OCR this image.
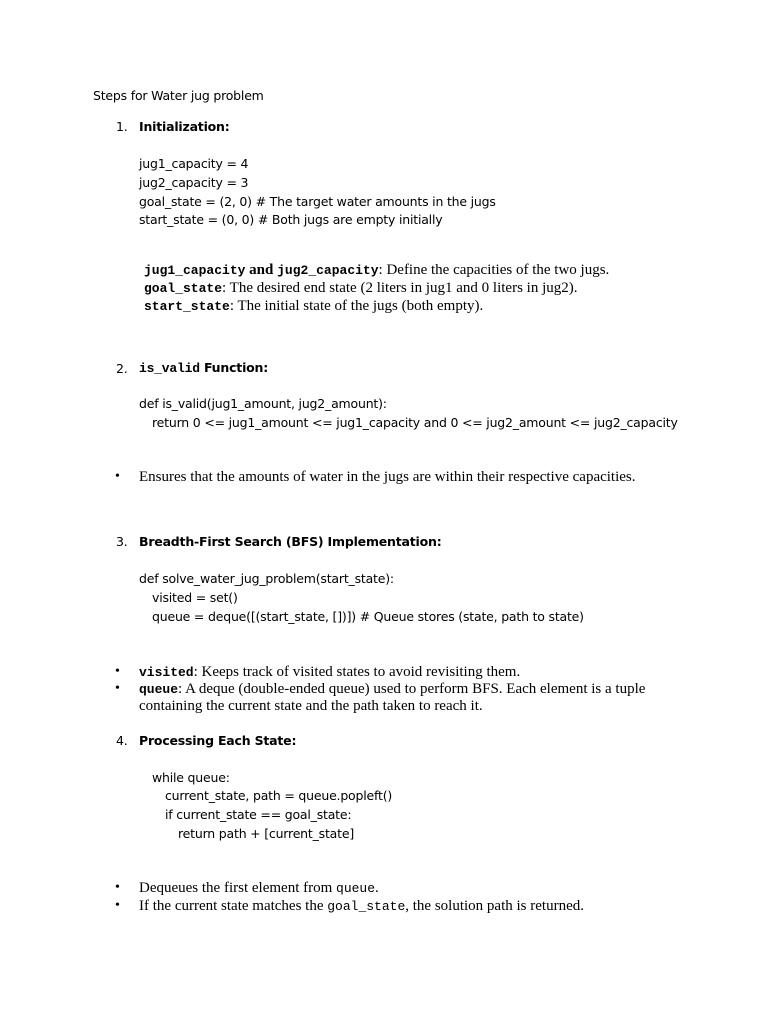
Steps for Water jug problem
1. Initialization:
jug1_capacity = 4
jug2_capacity = 3
goal_state = (2, 0) # The target water amounts in the jugs
start_state = (0, 0) # Both jugs are empty initially
jug1_capacity and jug2_capacity: Define the capacities of the two jugs.
goal_state: The desired end state (2 liters in jug1 and 0 liters in jug2).
start_state: The initial state of the jugs (both empty).
2. is_valid Function:
def is_valid(jug1_amount, jug2_amount):
return 0 <= jug1_amount <= jug1_capacity and 0 <= jug2_amount <= jug2_capacity
• Ensures that the amounts of water in the jugs are within their respective capacities.
3. Breadth-First Search (BFS) Implementation:
def solve_water_jug_problem(start_state):
visited = set()
queue = deque([(start_state, [])]) # Queue stores (state, path to state)
• visited: Keeps track of visited states to avoid revisiting them.
• queue: A deque (double-ended queue) used to perform BFS. Each element is a tuple
containing the current state and the path taken to reach it.
4. Processing Each State:
while queue:
current_state, path = queue.popleft()
if current_state == goal_state:
return path + [current_state]
• Dequeues the first element from queue.
• If the current state matches the goal_state, the solution path is returned.
